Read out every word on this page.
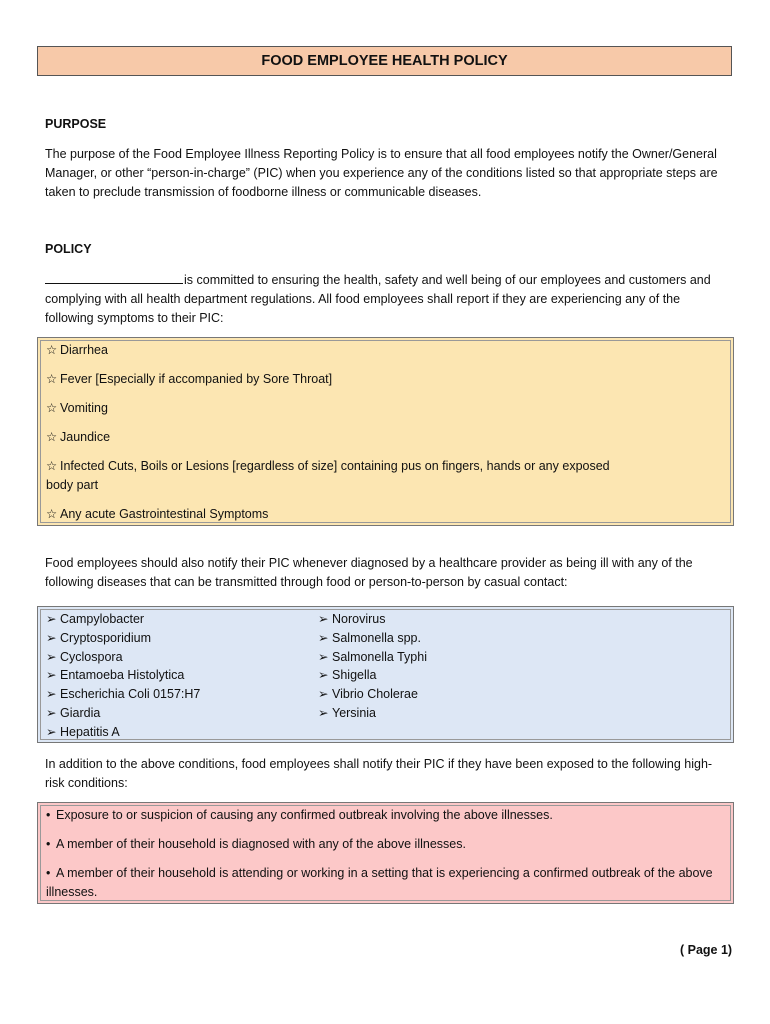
FOOD EMPLOYEE HEALTH POLICY
PURPOSE
The purpose of the Food Employee Illness Reporting Policy is to ensure that all food employees notify the Owner/General Manager, or other “person-in-charge” (PIC) when you experience any of the conditions listed so that appropriate steps are taken to preclude transmission of foodborne illness or communicable diseases.
POLICY
is committed to ensuring the health, safety and well being of our employees and customers and complying with all health department regulations. All food employees shall report if they are experiencing any of the following symptoms to their PIC:
☆ Diarrhea
☆ Fever [Especially if accompanied by Sore Throat]
☆ Vomiting
☆ Jaundice
☆ Infected Cuts, Boils or Lesions [regardless of size] containing pus on fingers, hands or any exposed body part
☆ Any acute Gastrointestinal Symptoms
Food employees should also notify their PIC whenever diagnosed by a healthcare provider as being ill with any of the following diseases that can be transmitted through food or person-to-person by casual contact:
➢ Campylobacter
➢ Cryptosporidium
➢ Cyclospora
➢ Entamoeba Histolytica
➢ Escherichia Coli 0157:H7
➢ Giardia
➢ Hepatitis A
➢ Norovirus
➢ Salmonella spp.
➢ Salmonella Typhi
➢ Shigella
➢ Vibrio Cholerae
➢ Yersinia
In addition to the above conditions, food employees shall notify their PIC if they have been exposed to the following high-risk conditions:
• Exposure to or suspicion of causing any confirmed outbreak involving the above illnesses.
• A member of their household is diagnosed with any of the above illnesses.
• A member of their household is attending or working in a setting that is experiencing a confirmed outbreak of the above illnesses.
( Page 1)
